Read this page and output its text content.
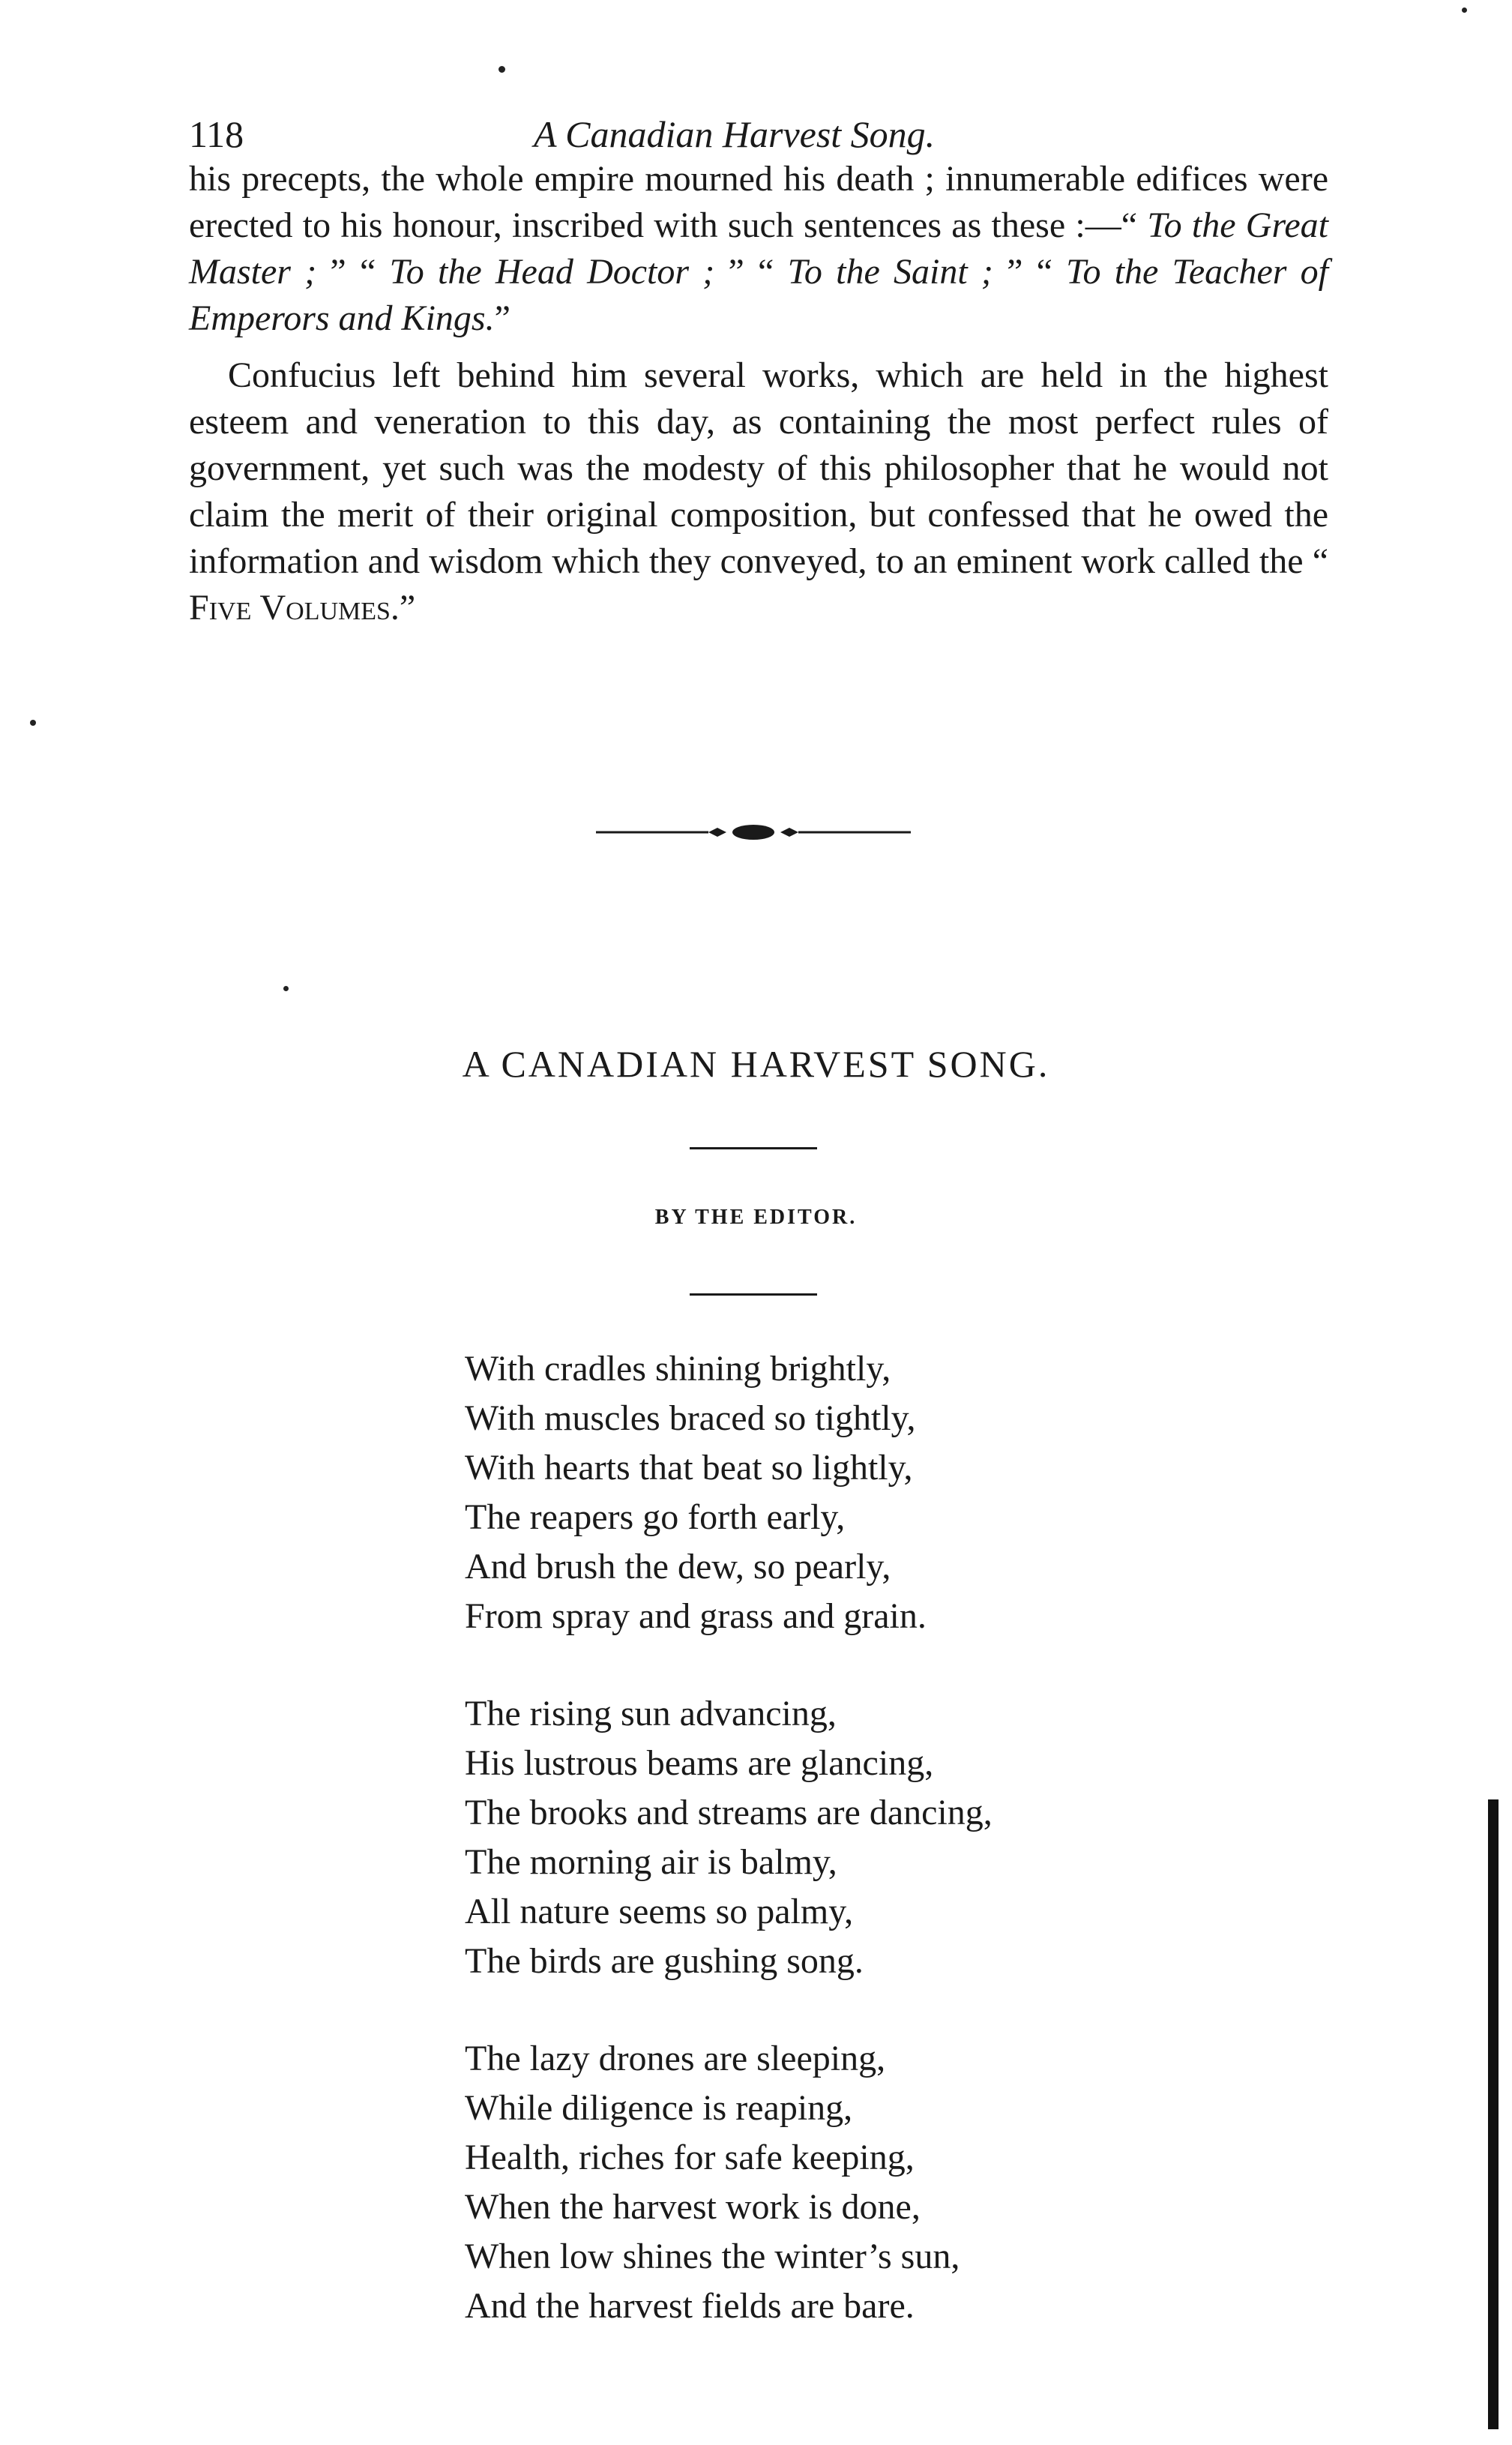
118	A Canadian Harvest Song.

his precepts, the whole empire mourned his death ; innumerable edifices were erected to his honour, inscribed with such sentences as these :—“ To the Great Master ; ” “ To the Head Doctor ; ” “ To the Saint ; ” “ To the Teacher of Emperors and Kings.”

Confucius left behind him several works, which are held in the highest esteem and veneration to this day, as containing the most perfect rules of government, yet such was the modesty of this philosopher that he would not claim the merit of their original composition, but confessed that he owed the information and wisdom which they conveyed, to an eminent work called the “ Five Volumes.”

A CANADIAN HARVEST SONG.
BY THE EDITOR.
With cradles shining brightly,
With muscles braced so tightly,
With hearts that beat so lightly,
The reapers go forth early,
And brush the dew, so pearly,
From spray and grass and grain.
The rising sun advancing,
His lustrous beams are glancing,
The brooks and streams are dancing,
The morning air is balmy,
All nature seems so palmy,
The birds are gushing song.
The lazy drones are sleeping,
While diligence is reaping,
Health, riches for safe keeping,
When the harvest work is done,
When low shines the winter’s sun,
And the harvest fields are bare.
